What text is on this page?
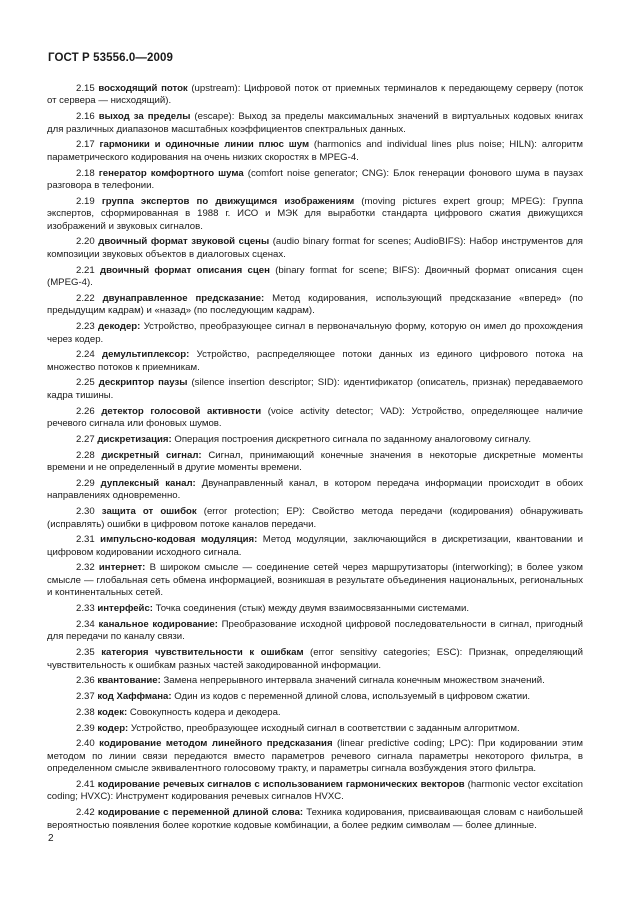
ГОСТ Р 53556.0—2009

2.15 восходящий поток (upstream): Цифровой поток от приемных терминалов к передающему серверу (поток от сервера — нисходящий).

2.16 выход за пределы (escape): Выход за пределы максимальных значений в виртуальных кодовых книгах для различных диапазонов масштабных коэффициентов спектральных данных.

2.17 гармоники и одиночные линии плюс шум (harmonics and individual lines plus noise; HILN): алгоритм параметрического кодирования на очень низких скоростях в MPEG-4.

2.18 генератор комфортного шума (comfort noise generator; CNG): Блок генерации фонового шума в паузах разговора в телефонии.

2.19 группа экспертов по движущимся изображениям (moving pictures expert group; MPEG): Группа экспертов, сформированная в 1988 г. ИСО и МЭК для выработки стандарта цифрового сжатия движущихся изображений и звуковых сигналов.

2.20 двоичный формат звуковой сцены (audio binary format for scenes; AudioBIFS): Набор инструментов для композиции звуковых объектов в диалоговых сценах.

2.21 двоичный формат описания сцен (binary format for scene; BIFS): Двоичный формат описания сцен (MPEG-4).

2.22 двунаправленное предсказание: Метод кодирования, использующий предсказание «вперед» (по предыдущим кадрам) и «назад» (по последующим кадрам).

2.23 декодер: Устройство, преобразующее сигнал в первоначальную форму, которую он имел до прохождения через кодер.

2.24 демультиплексор: Устройство, распределяющее потоки данных из единого цифрового потока на множество потоков к приемникам.

2.25 дескриптор паузы (silence insertion descriptor; SID): идентификатор (описатель, признак) передаваемого кадра тишины.

2.26 детектор голосовой активности (voice activity detector; VAD): Устройство, определяющее наличие речевого сигнала или фоновых шумов.

2.27 дискретизация: Операция построения дискретного сигнала по заданному аналоговому сигналу.

2.28 дискретный сигнал: Сигнал, принимающий конечные значения в некоторые дискретные моменты времени и не определенный в другие моменты времени.

2.29 дуплексный канал: Двунаправленный канал, в котором передача информации происходит в обоих направлениях одновременно.

2.30 защита от ошибок (error protection; EP): Свойство метода передачи (кодирования) обнаруживать (исправлять) ошибки в цифровом потоке каналов передачи.

2.31 импульсно-кодовая модуляция: Метод модуляции, заключающийся в дискретизации, квантовании и цифровом кодировании исходного сигнала.

2.32 интернет: В широком смысле — соединение сетей через маршрутизаторы (interworking); в более узком смысле — глобальная сеть обмена информацией, возникшая в результате объединения национальных, региональных и континентальных сетей.

2.33 интерфейс: Точка соединения (стык) между двумя взаимосвязанными системами.

2.34 канальное кодирование: Преобразование исходной цифровой последовательности в сигнал, пригодный для передачи по каналу связи.

2.35 категория чувствительности к ошибкам (error sensitivy categories; ESC): Признак, определяющий чувствительность к ошибкам разных частей закодированной информации.

2.36 квантование: Замена непрерывного интервала значений сигнала конечным множеством значений.

2.37 код Хаффмана: Один из кодов с переменной длиной слова, используемый в цифровом сжатии.

2.38 кодек: Совокупность кодера и декодера.

2.39 кодер: Устройство, преобразующее исходный сигнал в соответствии с заданным алгоритмом.

2.40 кодирование методом линейного предсказания (linear predictive coding; LPC): При кодировании этим методом по линии связи передаются вместо параметров речевого сигнала параметры некоторого фильтра, в определенном смысле эквивалентного голосовому тракту, и параметры сигнала возбуждения этого фильтра.

2.41 кодирование речевых сигналов с использованием гармонических векторов (harmonic vector excitation coding; HVXC): Инструмент кодирования речевых сигналов HVXC.

2.42 кодирование с переменной длиной слова: Техника кодирования, присваивающая словам с наибольшей вероятностью появления более короткие кодовые комбинации, а более редким символам — более длинные.

2
